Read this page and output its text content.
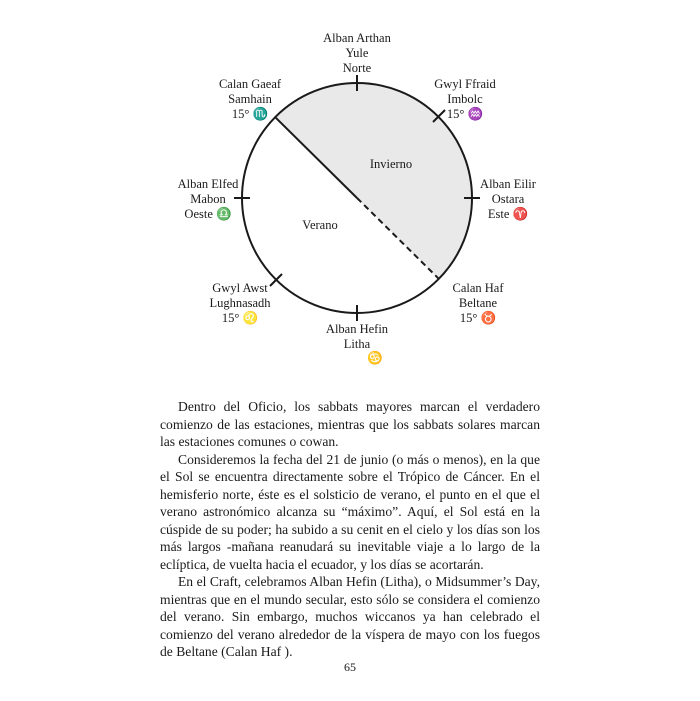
Invierno
Verano
Alban Arthan
Yule
Norte
Gwyl Ffraid
Imbolc
15° ♒
Alban Eilir
Ostara
Este ♈
Calan Haf
Beltane
15° ♉
Alban Hefin
Litha
♋
Gwyl Awst
Lughnasadh
15° ♌
Alban Elfed
Mabon
Oeste ♎
Calan Gaeaf
Samhain
15° ♏

Dentro del Oficio, los sabbats mayores marcan el verdadero comienzo de las estaciones, mientras que los sabbats solares marcan las estaciones comunes o cowan.

Consideremos la fecha del 21 de junio (o más o menos), en la que el Sol se encuentra directamente sobre el Trópico de Cáncer. En el hemisferio norte, éste es el solsticio de verano, el punto en el que el verano astronómico alcanza su “máximo”. Aquí, el Sol está en la cúspide de su poder; ha subido a su cenit en el cielo y los días son los más largos -mañana reanudará su inevitable viaje a lo largo de la eclíptica, de vuelta hacia el ecuador, y los días se acortarán.

En el Craft, celebramos Alban Hefin (Litha), o Midsummer’s Day, mientras que en el mundo secular, esto sólo se considera el comienzo del verano. Sin embargo, muchos wiccanos ya han celebrado el comienzo del verano alrededor de la víspera de mayo con los fuegos de Beltane (Calan Haf ).

65
